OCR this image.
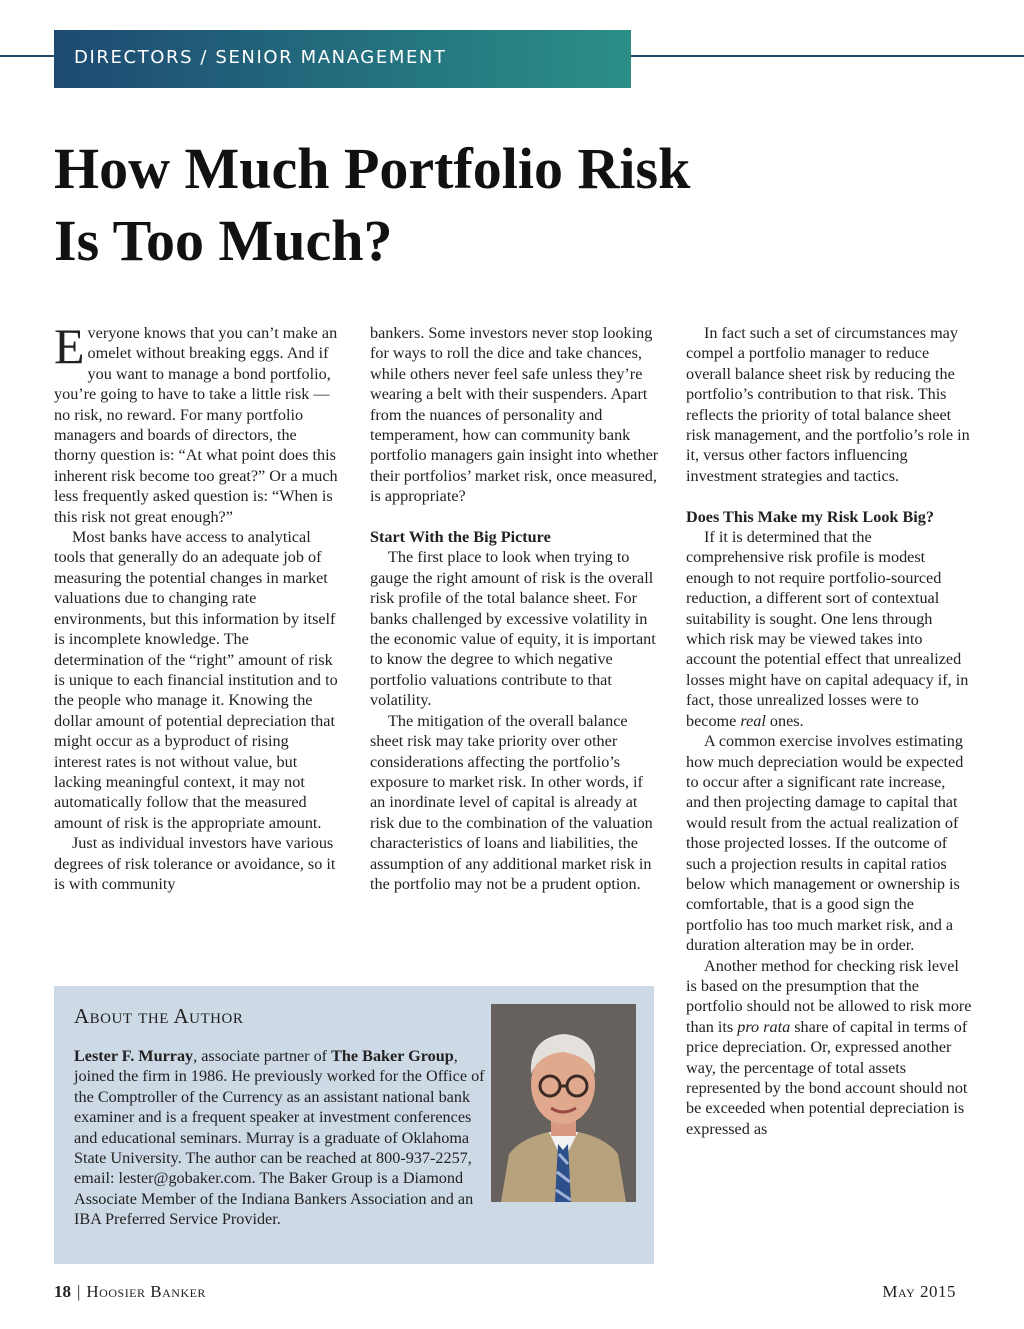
DIRECTORS / SENIOR MANAGEMENT
How Much Portfolio Risk
Is Too Much?

Everyone knows that you can’t make an omelet without breaking eggs. And if you want to manage a bond portfolio, you’re going to have to take a little risk — no risk, no reward. For many portfolio managers and boards of directors, the thorny question is: “At what point does this inherent risk become too great?” Or a much less frequently asked question is: “When is this risk not great enough?”

Most banks have access to analytical tools that generally do an adequate job of measuring the potential changes in market valuations due to changing rate environments, but this information by itself is incomplete knowledge. The determination of the “right” amount of risk is unique to each financial institution and to the people who manage it. Knowing the dollar amount of potential depreciation that might occur as a byproduct of rising interest rates is not without value, but lacking meaningful context, it may not automatically follow that the measured amount of risk is the appropriate amount.

Just as individual investors have various degrees of risk tolerance or avoidance, so it is with community

bankers. Some investors never stop looking for ways to roll the dice and take chances, while others never feel safe unless they’re wearing a belt with their suspenders. Apart from the nuances of personality and temperament, how can community bank portfolio managers gain insight into whether their portfolios’ market risk, once measured, is appropriate?

Start With the Big Picture

The first place to look when trying to gauge the right amount of risk is the overall risk profile of the total balance sheet. For banks challenged by excessive volatility in the economic value of equity, it is important to know the degree to which negative portfolio valuations contribute to that volatility.

The mitigation of the overall balance sheet risk may take priority over other considerations affecting the portfolio’s exposure to market risk. In other words, if an inordinate level of capital is already at risk due to the combination of the valuation characteristics of loans and liabilities, the assumption of any additional market risk in the portfolio may not be a prudent option.

In fact such a set of circumstances may compel a portfolio manager to reduce overall balance sheet risk by reducing the portfolio’s contribution to that risk. This reflects the priority of total balance sheet risk management, and the portfolio’s role in it, versus other factors influencing investment strategies and tactics.

Does This Make my Risk Look Big?

If it is determined that the comprehensive risk profile is modest enough to not require portfolio-sourced reduction, a different sort of contextual suitability is sought. One lens through which risk may be viewed takes into account the potential effect that unrealized losses might have on capital adequacy if, in fact, those unrealized losses were to become real ones.

A common exercise involves estimating how much depreciation would be expected to occur after a significant rate increase, and then projecting damage to capital that would result from the actual realization of those projected losses. If the outcome of such a projection results in capital ratios below which management or ownership is comfortable, that is a good sign the portfolio has too much market risk, and a duration alteration may be in order.

Another method for checking risk level is based on the presumption that the portfolio should not be allowed to risk more than its pro rata share of capital in terms of price depreciation. Or, expressed another way, the percentage of total assets represented by the bond account should not be exceeded when potential depreciation is expressed as

About the Author

Lester F. Murray, associate partner of The Baker Group, joined the firm in 1986. He previously worked for the Office of the Comptroller of the Currency as an assistant national bank examiner and is a frequent speaker at investment conferences and educational seminars. Murray is a graduate of Oklahoma State University. The author can be reached at 800-937-2257, email: lester@gobaker.com. The Baker Group is a Diamond Associate Member of the Indiana Bankers Association and an IBA Preferred Service Provider.

18 | Hoosier Banker	May 2015
